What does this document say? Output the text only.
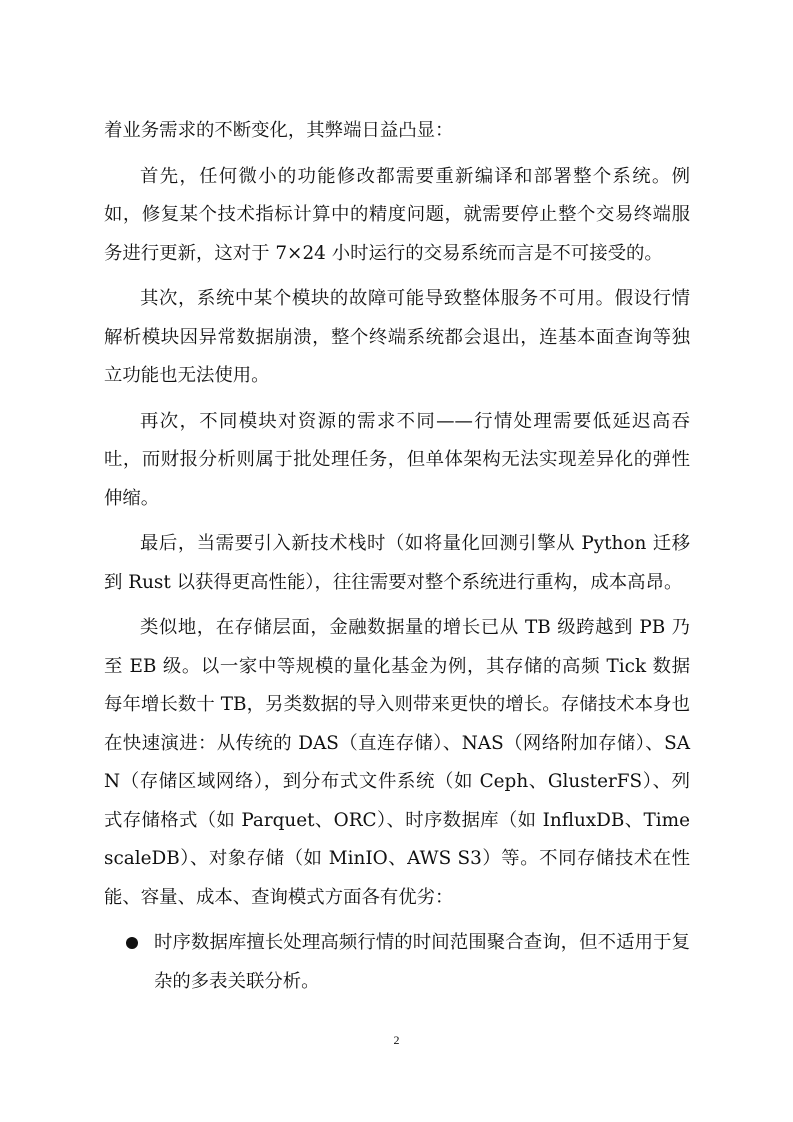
着业务需求的不断变化，其弊端日益凸显：

首先，任何微小的功能修改都需要重新编译和部署整个系统。例如，修复某个技术指标计算中的精度问题，就需要停止整个交易终端服务进行更新，这对于 7×24 小时运行的交易系统而言是不可接受的。

其次，系统中某个模块的故障可能导致整体服务不可用。假设行情解析模块因异常数据崩溃，整个终端系统都会退出，连基本面查询等独立功能也无法使用。

再次，不同模块对资源的需求不同——行情处理需要低延迟高吞吐，而财报分析则属于批处理任务，但单体架构无法实现差异化的弹性伸缩。

最后，当需要引入新技术栈时（如将量化回测引擎从 Python 迁移到 Rust 以获得更高性能），往往需要对整个系统进行重构，成本高昂。

类似地，在存储层面，金融数据量的增长已从 TB 级跨越到 PB 乃至 EB 级。以一家中等规模的量化基金为例，其存储的高频 Tick 数据每年增长数十 TB，另类数据的导入则带来更快的增长。存储技术本身也在快速演进：从传统的 DAS（直连存储）、NAS（网络附加存储）、SAN（存储区域网络），到分布式文件系统（如 Ceph、GlusterFS）、列式存储格式（如 Parquet、ORC）、时序数据库（如 InfluxDB、TimescaleDB）、对象存储（如 MinIO、AWS S3）等。不同存储技术在性能、容量、成本、查询模式方面各有优劣：

时序数据库擅长处理高频行情的时间范围聚合查询，但不适用于复杂的多表关联分析。
2
